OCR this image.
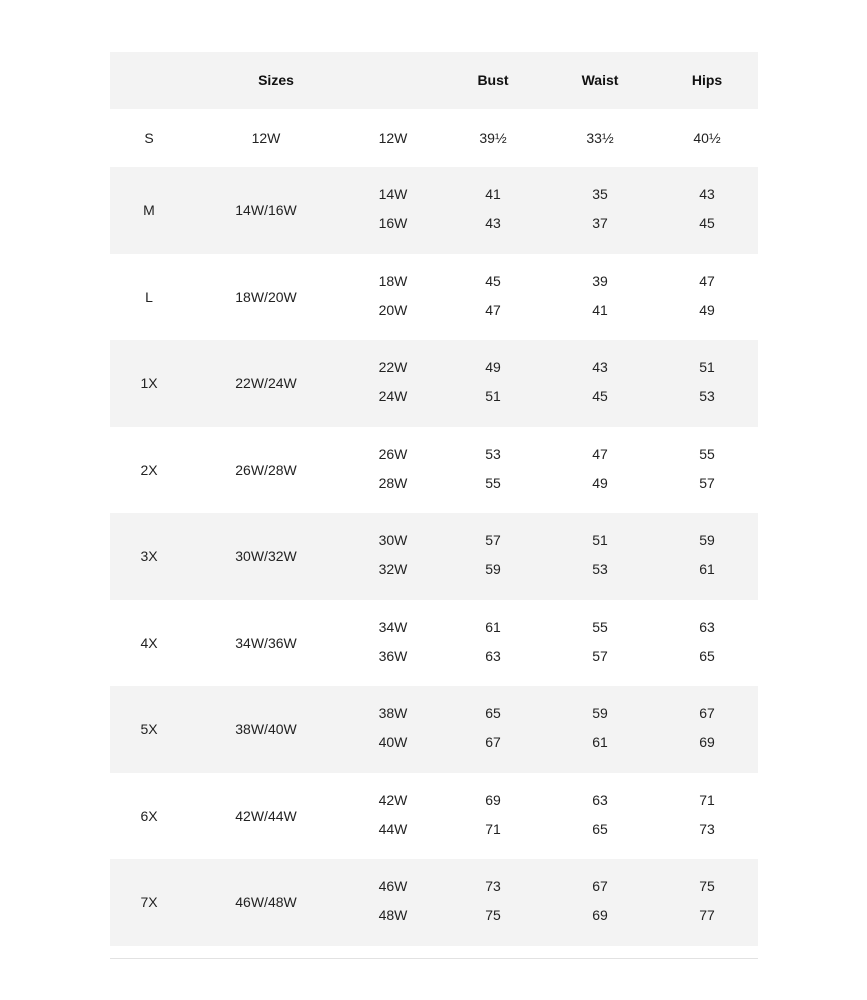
Sizes	Bust	Waist	Hips
S	12W	12W	39½	33½	40½
M	14W/16W
14W	41	35	43
16W	43	37	45
L	18W/20W
18W	45	39	47
20W	47	41	49
1X	22W/24W
22W	49	43	51
24W	51	45	53
2X	26W/28W
26W	53	47	55
28W	55	49	57
3X	30W/32W
30W	57	51	59
32W	59	53	61
4X	34W/36W
34W	61	55	63
36W	63	57	65
5X	38W/40W
38W	65	59	67
40W	67	61	69
6X	42W/44W
42W	69	63	71
44W	71	65	73
7X	46W/48W
46W	73	67	75
48W	75	69	77
